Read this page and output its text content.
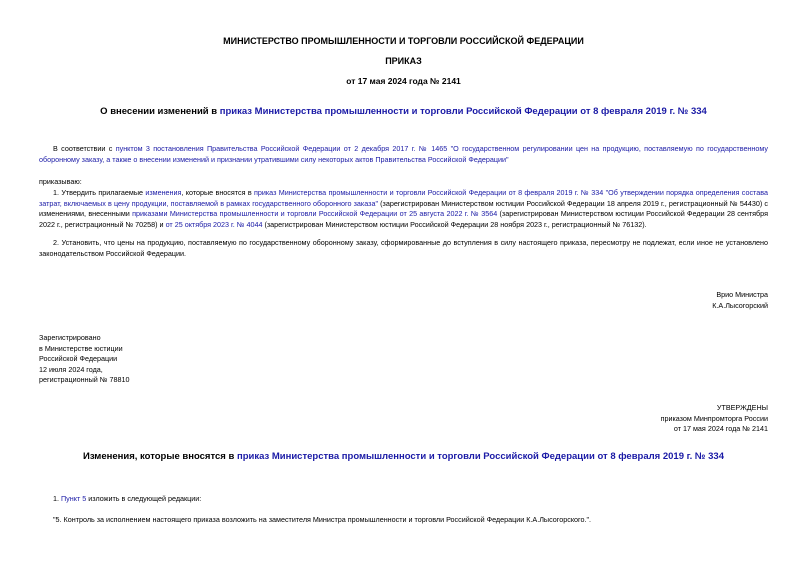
МИНИСТЕРСТВО ПРОМЫШЛЕННОСТИ И ТОРГОВЛИ РОССИЙСКОЙ ФЕДЕРАЦИИ
ПРИКАЗ
от 17 мая 2024 года № 2141
О внесении изменений в приказ Министерства промышленности и торговли Российской Федерации от 8 февраля 2019 г. № 334
В соответствии с пунктом 3 постановления Правительства Российской Федерации от 2 декабря 2017 г. № 1465 "О государственном регулировании цен на продукцию, поставляемую по государственному оборонному заказу, а также о внесении изменений и признании утратившими силу некоторых актов Правительства Российской Федерации"
приказываю:
1. Утвердить прилагаемые изменения, которые вносятся в приказ Министерства промышленности и торговли Российской Федерации от 8 февраля 2019 г. № 334 "Об утверждении порядка определения состава затрат, включаемых в цену продукции, поставляемой в рамках государственного оборонного заказа" (зарегистрирован Министерством юстиции Российской Федерации 18 апреля 2019 г., регистрационный № 54430) с изменениями, внесенными приказами Министерства промышленности и торговли Российской Федерации от 25 августа 2022 г. № 3564 (зарегистрирован Министерством юстиции Российской Федерации 28 сентября 2022 г., регистрационный № 70258) и от 25 октября 2023 г. № 4044 (зарегистрирован Министерством юстиции Российской Федерации 28 ноября 2023 г., регистрационный № 76132).
2. Установить, что цены на продукцию, поставляемую по государственному оборонному заказу, сформированные до вступления в силу настоящего приказа, пересмотру не подлежат, если иное не установлено законодательством Российской Федерации.
Врио Министра
К.А.Лысогорский
Зарегистрировано
в Министерстве юстиции
Российской Федерации
12 июля 2024 года,
регистрационный № 78810
УТВЕРЖДЕНЫ
приказом Минпромторга России
от 17 мая 2024 года № 2141
Изменения, которые вносятся в приказ Министерства промышленности и торговли Российской Федерации от 8 февраля 2019 г. № 334
1. Пункт 5 изложить в следующей редакции:
"5. Контроль за исполнением настоящего приказа возложить на заместителя Министра промышленности и торговли Российской Федерации К.А.Лысогорского.".
